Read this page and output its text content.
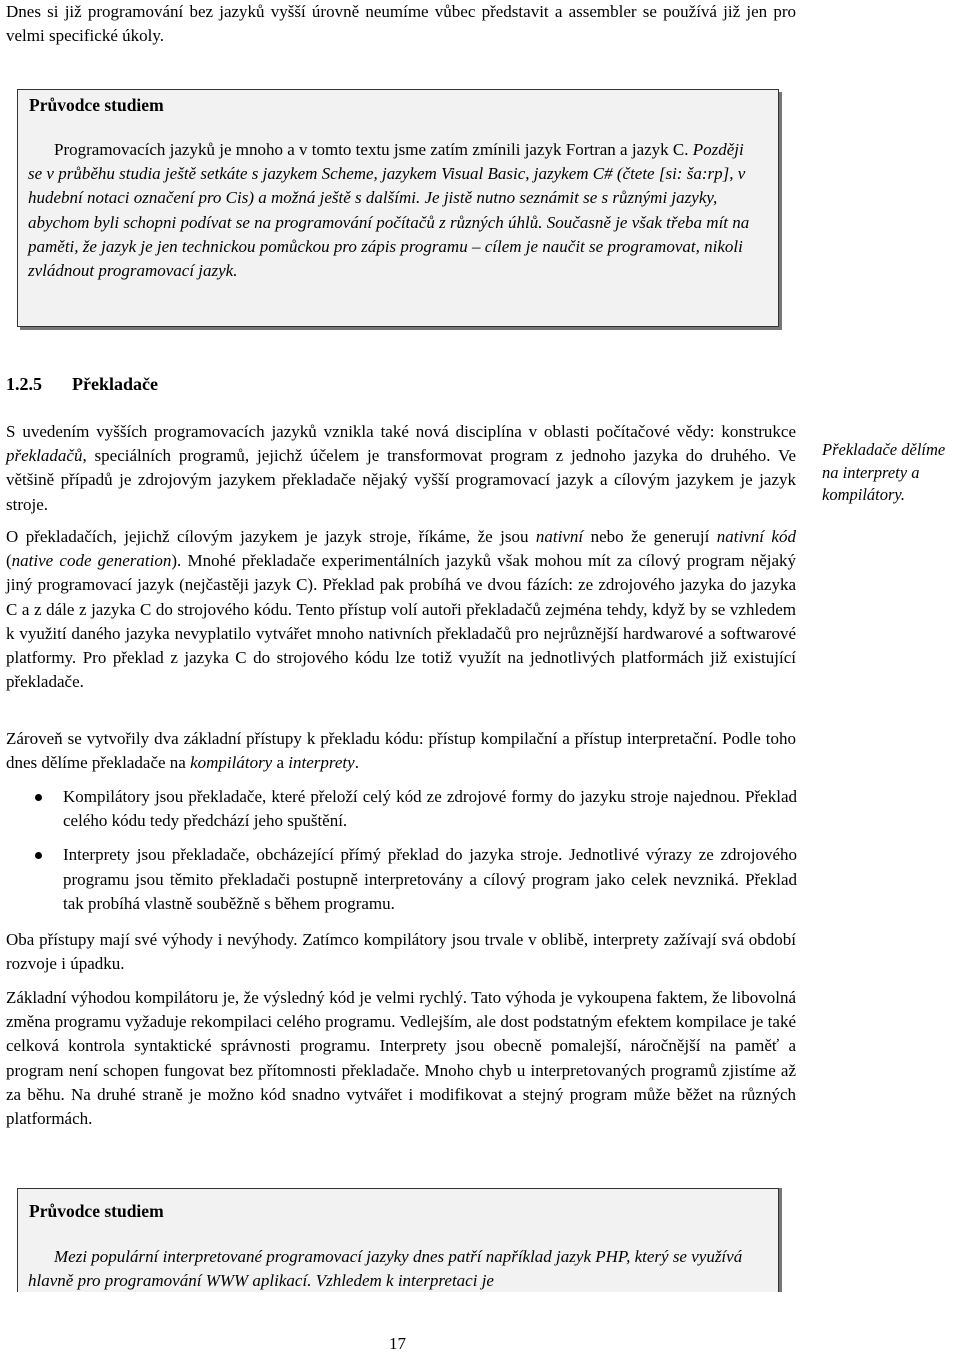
Dnes si již programování bez jazyků vyšší úrovně neumíme vůbec představit a assembler se používá již jen pro velmi specifické úkoly.

Průvodce studiem

Programovacích jazyků je mnoho a v tomto textu jsme zatím zmínili jazyk Fortran a jazyk C. Později se v průběhu studia ještě setkáte s jazykem Scheme, jazykem Visual Basic, jazykem C# (čtete [si: ša:rp], v hudební notaci označení pro Cis) a možná ještě s dalšími. Je jistě nutno seznámit se s různými jazyky, abychom byli schopni podívat se na programování počítačů z různých úhlů. Současně je však třeba mít na paměti, že jazyk je jen technickou pomůckou pro zápis programu – cílem je naučit se programovat, nikoli zvládnout programovací jazyk.

1.2.5 Překladače
Překladače dělíme na interprety a kompilátory.

S uvedením vyšších programovacích jazyků vznikla také nová disciplína v oblasti počítačové vědy: konstrukce překladačů, speciálních programů, jejichž účelem je transformovat program z jednoho jazyka do druhého. Ve většině případů je zdrojovým jazykem překladače nějaký vyšší programovací jazyk a cílovým jazykem je jazyk stroje.

O překladačích, jejichž cílovým jazykem je jazyk stroje, říkáme, že jsou nativní nebo že generují nativní kód (native code generation). Mnohé překladače experimentálních jazyků však mohou mít za cílový program nějaký jiný programovací jazyk (nejčastěji jazyk C). Překlad pak probíhá ve dvou fázích: ze zdrojového jazyka do jazyka C a z dále z jazyka C do strojového kódu. Tento přístup volí autoři překladačů zejména tehdy, když by se vzhledem k využití daného jazyka nevyplatilo vytvářet mnoho nativních překladačů pro nejrůznější hardwarové a softwarové platformy. Pro překlad z jazyka C do strojového kódu lze totiž využít na jednotlivých platformách již existující překladače.

Zároveň se vytvořily dva základní přístupy k překladu kódu: přístup kompilační a přístup interpretační. Podle toho dnes dělíme překladače na kompilátory a interprety.

Kompilátory jsou překladače, které přeloží celý kód ze zdrojové formy do jazyku stroje najednou. Překlad celého kódu tedy předchází jeho spuštění.
Interprety jsou překladače, obcházející přímý překlad do jazyka stroje. Jednotlivé výrazy ze zdrojového programu jsou těmito překladači postupně interpretovány a cílový program jako celek nevzniká. Překlad tak probíhá vlastně souběžně s během programu.

Oba přístupy mají své výhody i nevýhody. Zatímco kompilátory jsou trvale v oblibě, interprety zažívají svá období rozvoje i úpadku.

Základní výhodou kompilátoru je, že výsledný kód je velmi rychlý. Tato výhoda je vykoupena faktem, že libovolná změna programu vyžaduje rekompilaci celého programu. Vedlejším, ale dost podstatným efektem kompilace je také celková kontrola syntaktické správnosti programu. Interprety jsou obecně pomalejší, náročnější na paměť a program není schopen fungovat bez přítomnosti překladače. Mnoho chyb u interpretovaných programů zjistíme až za běhu. Na druhé straně je možno kód snadno vytvářet i modifikovat a stejný program může běžet na různých platformách.

Průvodce studiem

Mezi populární interpretované programovací jazyky dnes patří například jazyk PHP, který se využívá hlavně pro programování WWW aplikací. Vzhledem k interpretaci je

17
